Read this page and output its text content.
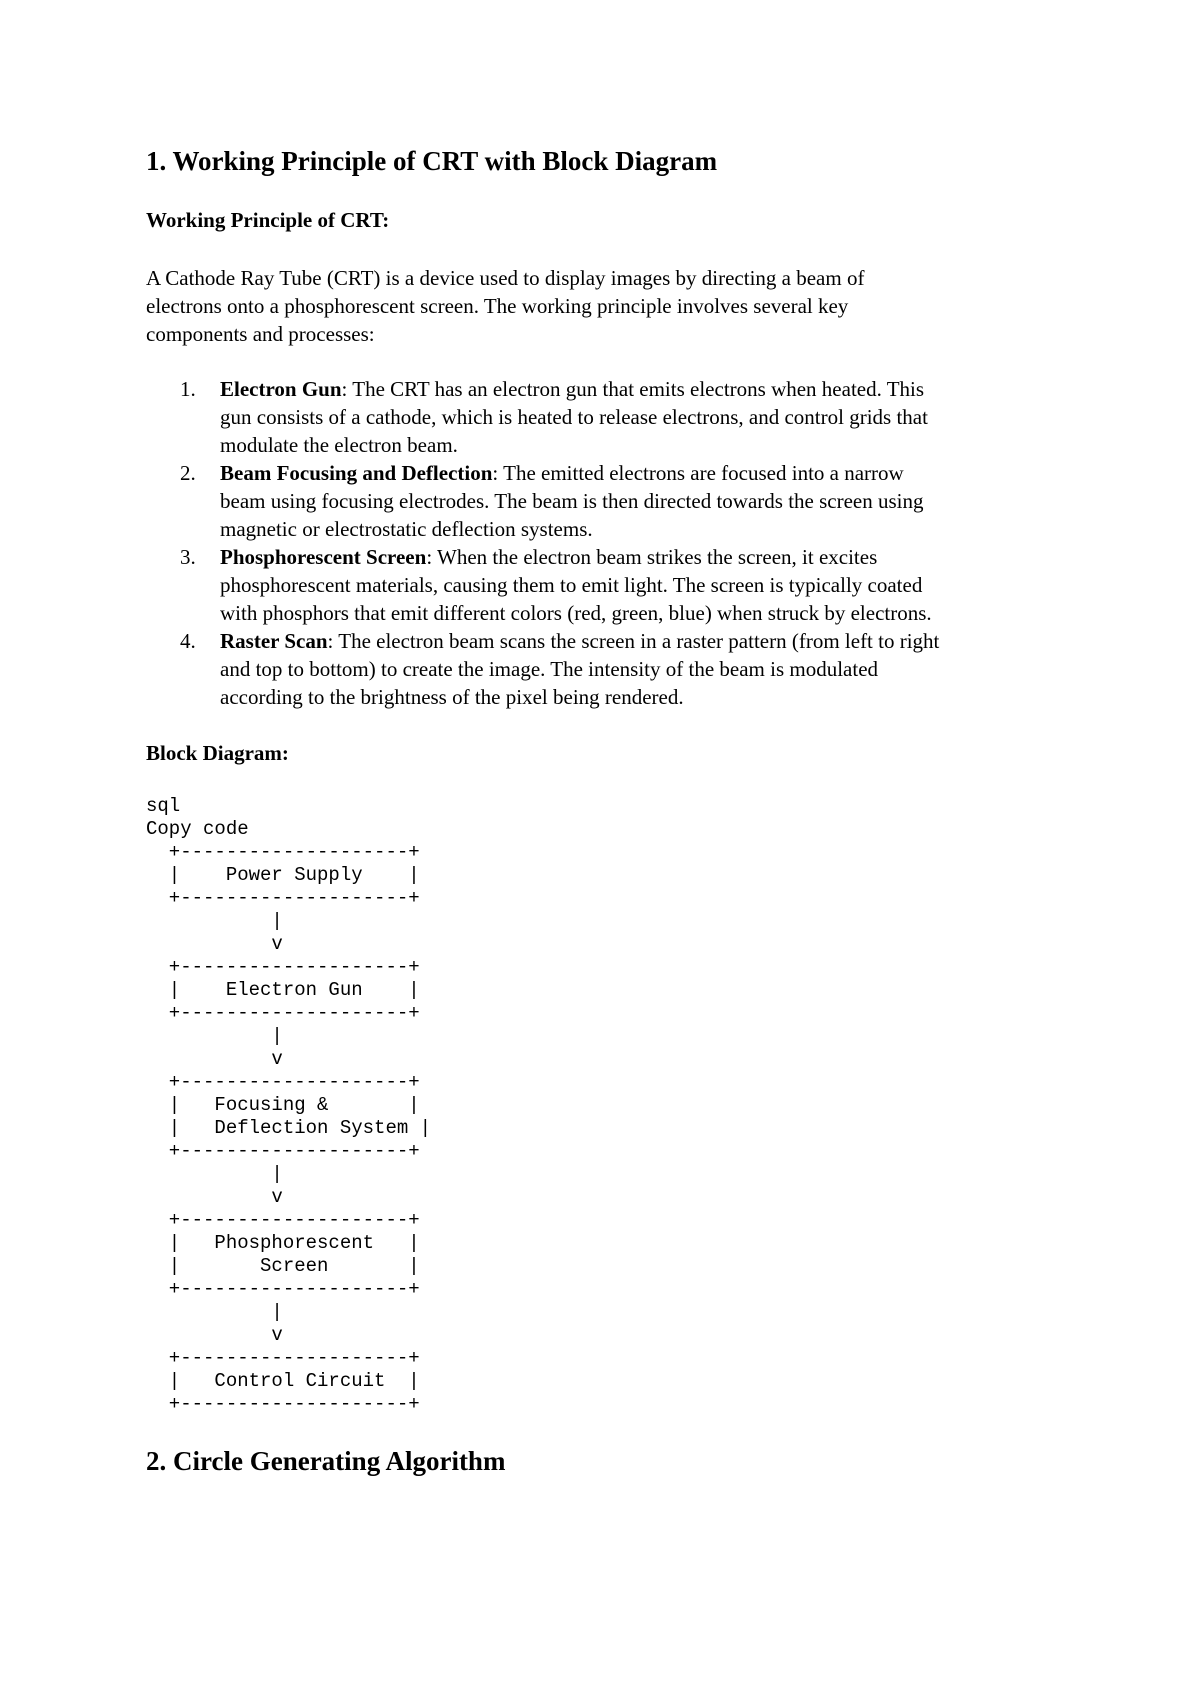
1. Working Principle of CRT with Block Diagram
Working Principle of CRT:

A Cathode Ray Tube (CRT) is a device used to display images by directing a beam of
electrons onto a phosphorescent screen. The working principle involves several key
components and processes:

1. Electron Gun: The CRT has an electron gun that emits electrons when heated. This
gun consists of a cathode, which is heated to release electrons, and control grids that
modulate the electron beam.
2. Beam Focusing and Deflection: The emitted electrons are focused into a narrow
beam using focusing electrodes. The beam is then directed towards the screen using
magnetic or electrostatic deflection systems.
3. Phosphorescent Screen: When the electron beam strikes the screen, it excites
phosphorescent materials, causing them to emit light. The screen is typically coated
with phosphors that emit different colors (red, green, blue) when struck by electrons.
4. Raster Scan: The electron beam scans the screen in a raster pattern (from left to right
and top to bottom) to create the image. The intensity of the beam is modulated
according to the brightness of the pixel being rendered.
Block Diagram:
sql
Copy code
+--------------------+
|    Power Supply    |
+--------------------+
|
v
+--------------------+
|    Electron Gun    |
+--------------------+
|
v
+--------------------+
|   Focusing &       |
|   Deflection System |
+--------------------+
|
v
+--------------------+
|   Phosphorescent   |
|       Screen       |
+--------------------+
|
v
+--------------------+
|   Control Circuit  |
+--------------------+
2. Circle Generating Algorithm
